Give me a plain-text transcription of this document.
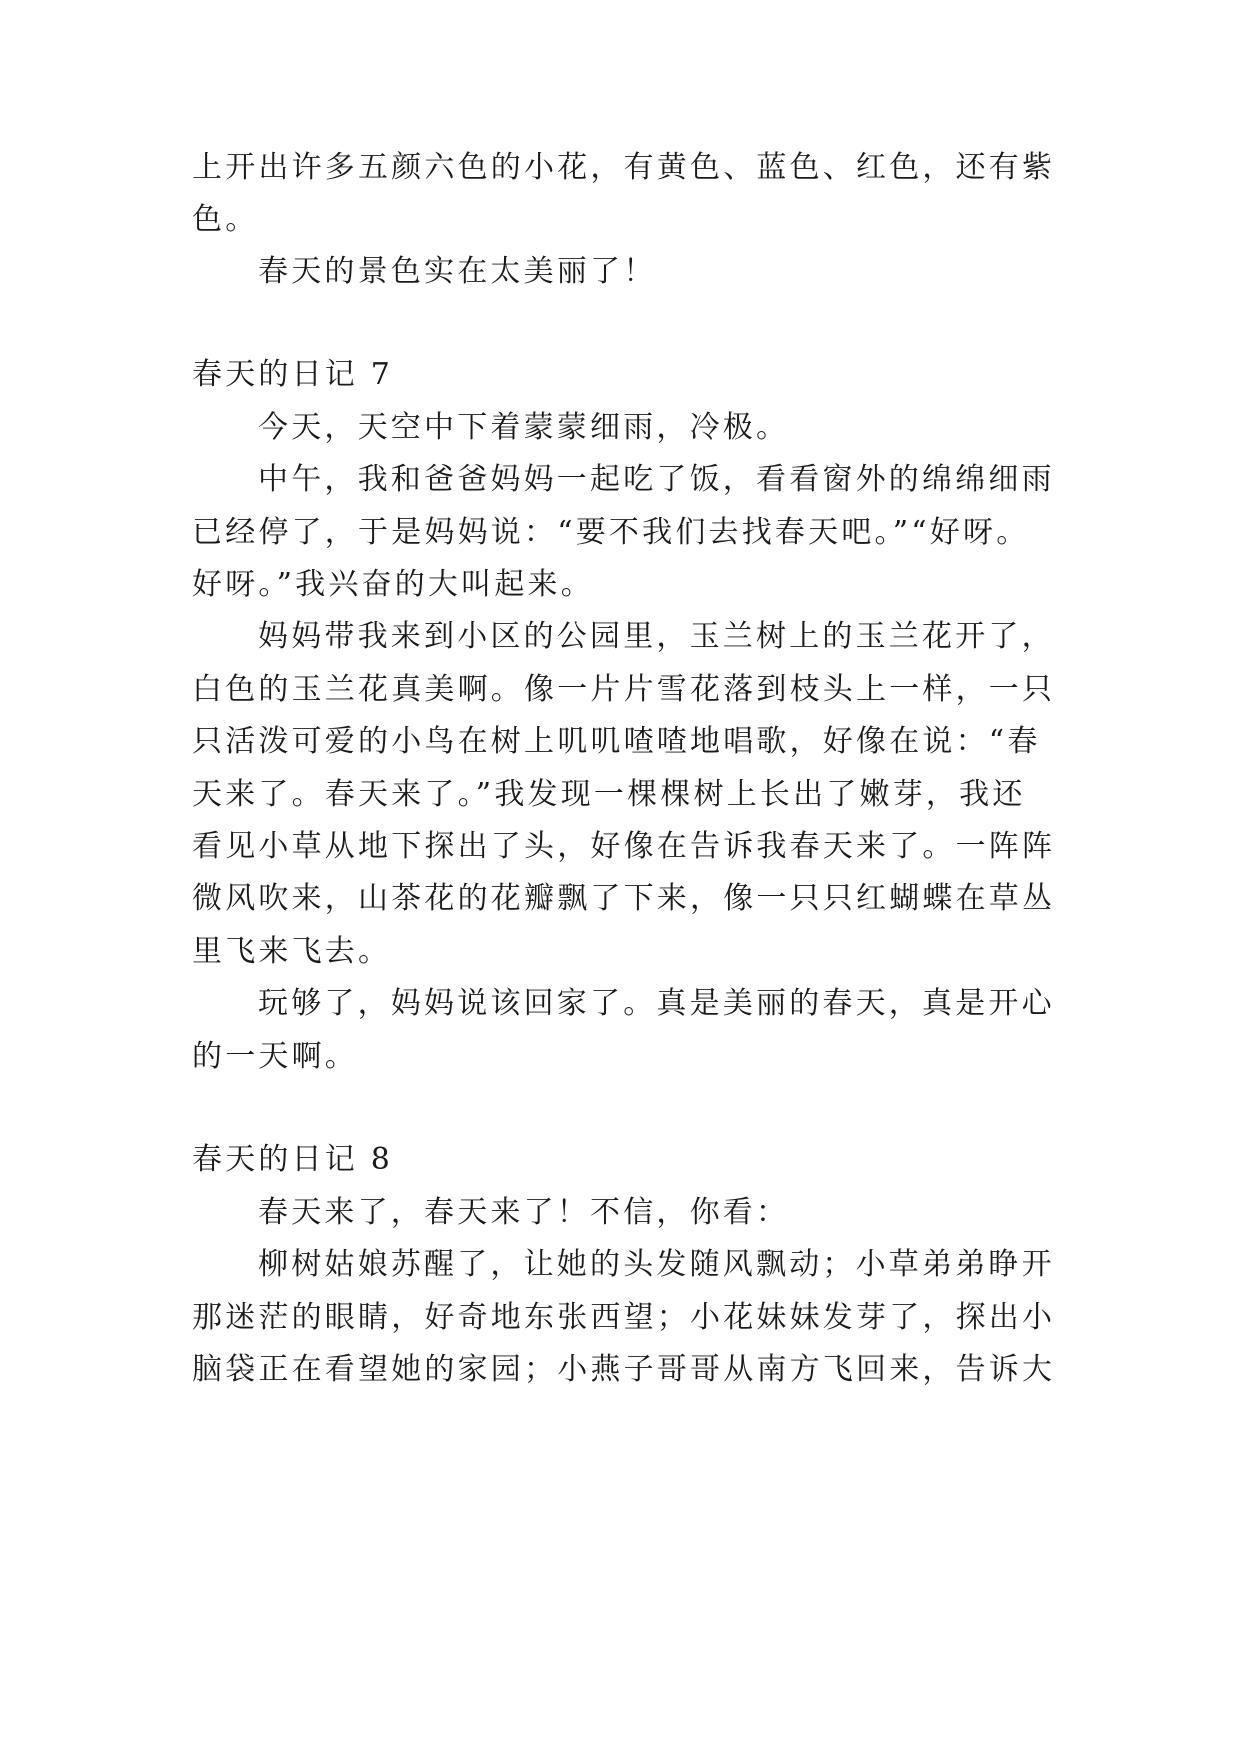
上开出许多五颜六色的小花，有黄色、蓝色、红色，还有紫
色。
春天的景色实在太美丽了！
春天的日记 7
今天，天空中下着蒙蒙细雨，冷极。
中午，我和爸爸妈妈一起吃了饭，看看窗外的绵绵细雨
已经停了，于是妈妈说：“要不我们去找春天吧。”“好呀。
好呀。”我兴奋的大叫起来。
妈妈带我来到小区的公园里，玉兰树上的玉兰花开了，
白色的玉兰花真美啊。像一片片雪花落到枝头上一样，一只
只活泼可爱的小鸟在树上叽叽喳喳地唱歌，好像在说：“春
天来了。春天来了。”我发现一棵棵树上长出了嫩芽，我还
看见小草从地下探出了头，好像在告诉我春天来了。一阵阵
微风吹来，山茶花的花瓣飘了下来，像一只只红蝴蝶在草丛
里飞来飞去。
玩够了，妈妈说该回家了。真是美丽的春天，真是开心
的一天啊。
春天的日记 8
春天来了，春天来了！不信，你看：
柳树姑娘苏醒了，让她的头发随风飘动；小草弟弟睁开
那迷茫的眼睛，好奇地东张西望；小花妹妹发芽了，探出小
脑袋正在看望她的家园；小燕子哥哥从南方飞回来，告诉大
